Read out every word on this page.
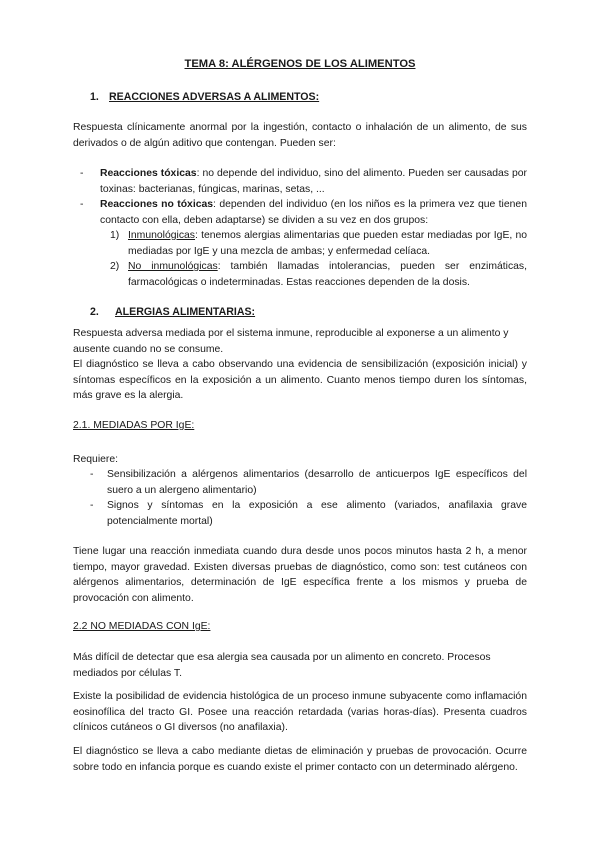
TEMA 8: ALÉRGENOS DE LOS ALIMENTOS
1. REACCIONES ADVERSAS A ALIMENTOS:

Respuesta clínicamente anormal por la ingestión, contacto o inhalación de un alimento, de sus derivados o de algún aditivo que contengan. Pueden ser:

- Reacciones tóxicas: no depende del individuo, sino del alimento. Pueden ser causadas por toxinas: bacterianas, fúngicas, marinas, setas, ...

- Reacciones no tóxicas: dependen del individuo (en los niños es la primera vez que tienen contacto con ella, deben adaptarse) se dividen a su vez en dos grupos:

1) Inmunológicas: tenemos alergias alimentarias que pueden estar mediadas por IgE, no mediadas por IgE y una mezcla de ambas; y enfermedad celíaca.

2) No inmunológicas: también llamadas intolerancias, pueden ser enzimáticas, farmacológicas o indeterminadas. Estas reacciones dependen de la dosis.

2. ALERGIAS ALIMENTARIAS:

Respuesta adversa mediada por el sistema inmune, reproducible al exponerse a un alimento y ausente cuando no se consume.

El diagnóstico se lleva a cabo observando una evidencia de sensibilización (exposición inicial) y síntomas específicos en la exposición a un alimento. Cuanto menos tiempo duren los síntomas, más grave es la alergia.

2.1. MEDIADAS POR IgE:

Requiere:

- Sensibilización a alérgenos alimentarios (desarrollo de anticuerpos IgE específicos del suero a un alergeno alimentario)

- Signos y síntomas en la exposición a ese alimento (variados, anafilaxia grave potencialmente mortal)

Tiene lugar una reacción inmediata cuando dura desde unos pocos minutos hasta 2 h, a menor tiempo, mayor gravedad. Existen diversas pruebas de diagnóstico, como son: test cutáneos con alérgenos alimentarios, determinación de IgE específica frente a los mismos y prueba de provocación con alimento.

2.2 NO MEDIADAS CON IgE:

Más difícil de detectar que esa alergia sea causada por un alimento en concreto. Procesos mediados por células T.

Existe la posibilidad de evidencia histológica de un proceso inmune subyacente como inflamación eosinofílica del tracto GI. Posee una reacción retardada (varias horas-días). Presenta cuadros clínicos cutáneos o GI diversos (no anafilaxia).

El diagnóstico se lleva a cabo mediante dietas de eliminación y pruebas de provocación. Ocurre sobre todo en infancia porque es cuando existe el primer contacto con un determinado alérgeno.
